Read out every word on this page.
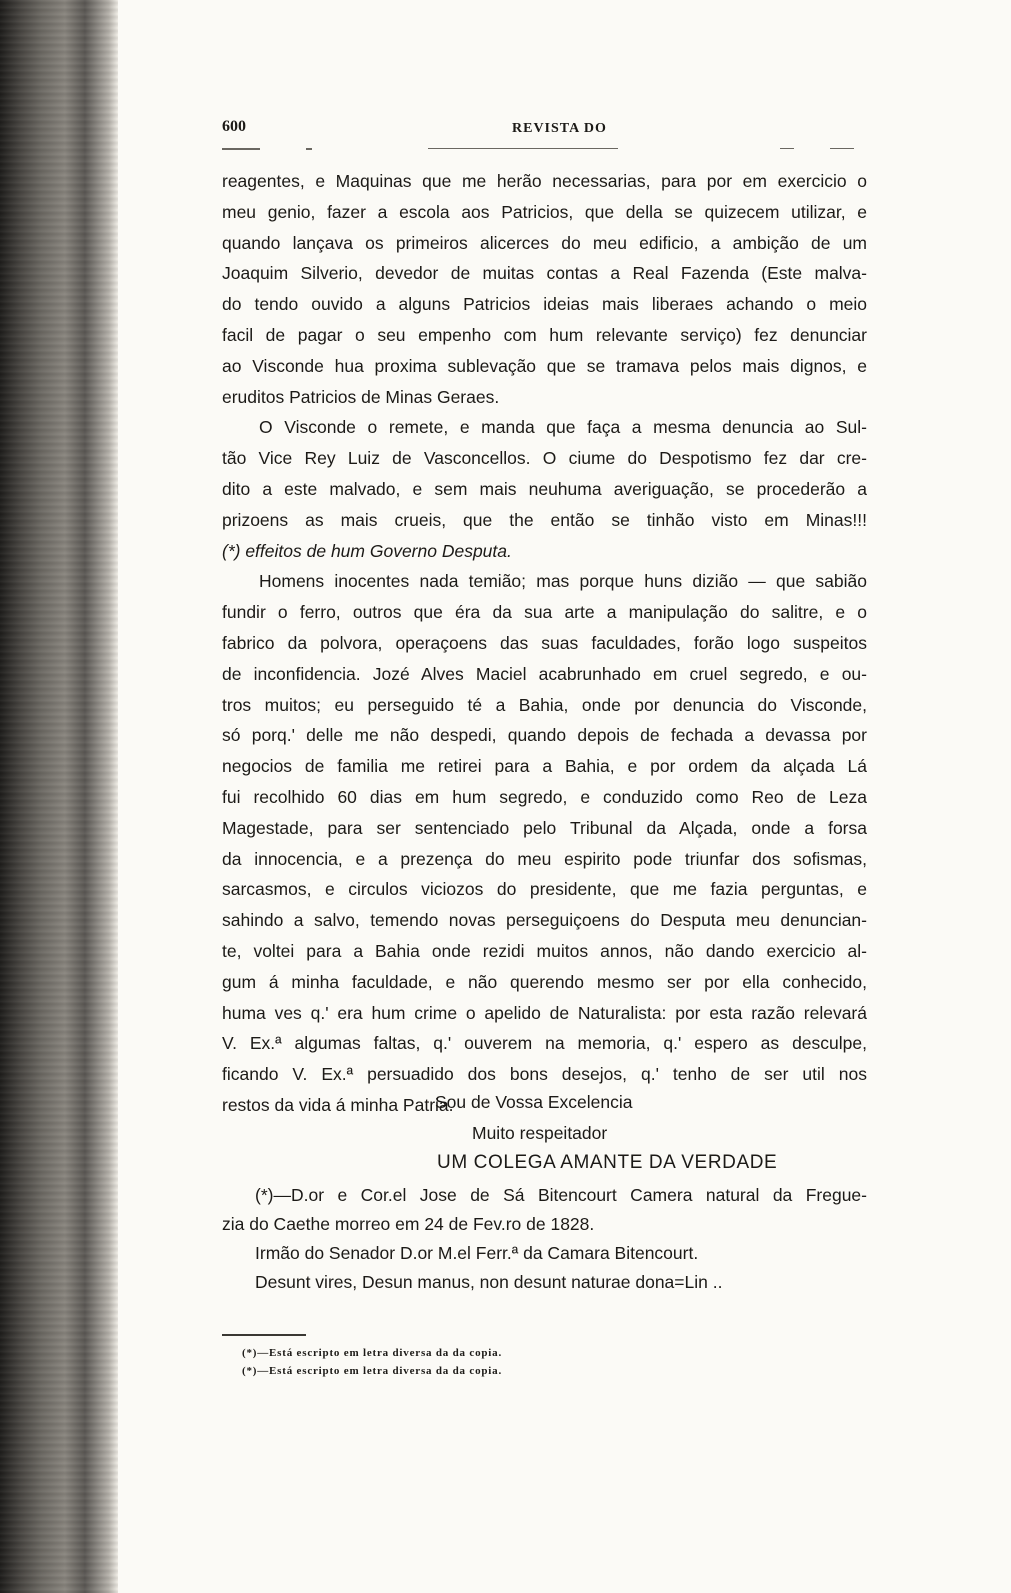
600	REVISTA DO
reagentes, e Maquinas que me herão necessarias, para por em exercicio o
meu genio, fazer a escola aos Patricios, que della se quizecem utilizar, e
quando lançava os primeiros alicerces do meu edificio, a ambição de um
Joaquim Silverio, devedor de muitas contas a Real Fazenda (Este malva-
do tendo ouvido a alguns Patricios ideias mais liberaes achando o meio
facil de pagar o seu empenho com hum relevante serviço) fez denunciar
ao Visconde hua proxima sublevação que se tramava pelos mais dignos, e
eruditos Patricios de Minas Geraes.
O Visconde o remete, e manda que faça a mesma denuncia ao Sul-
tão Vice Rey Luiz de Vasconcellos. O ciume do Despotismo fez dar cre-
dito a este malvado, e sem mais neuhuma averiguação, se procederão a
prizoens as mais crueis, que the então se tinhão visto em Minas!!!
(*) effeitos de hum Governo Desputa.
Homens inocentes nada temião; mas porque huns dizião — que sabião
fundir o ferro, outros que éra da sua arte a manipulação do salitre, e o
fabrico da polvora, operaçoens das suas faculdades, forão logo suspeitos
de inconfidencia. Jozé Alves Maciel acabrunhado em cruel segredo, e ou-
tros muitos; eu perseguido té a Bahia, onde por denuncia do Visconde,
só porq.' delle me não despedi, quando depois de fechada a devassa por
negocios de familia me retirei para a Bahia, e por ordem da alçada Lá
fui recolhido 60 dias em hum segredo, e conduzido como Reo de Leza
Magestade, para ser sentenciado pelo Tribunal da Alçada, onde a forsa
da innocencia, e a prezença do meu espirito pode triunfar dos sofismas,
sarcasmos, e circulos viciozos do presidente, que me fazia perguntas, e
sahindo a salvo, temendo novas perseguiçoens do Desputa meu denuncian-
te, voltei para a Bahia onde rezidi muitos annos, não dando exercicio al-
gum á minha faculdade, e não querendo mesmo ser por ella conhecido,
huma ves q.' era hum crime o apelido de Naturalista: por esta razão relevará
V. Ex.ª algumas faltas, q.' ouverem na memoria, q.' espero as desculpe,
ficando V. Ex.ª persuadido dos bons desejos, q.' tenho de ser util nos
restos da vida á minha Patria.
Sou de Vossa Excelencia
Muito respeitador
UM COLEGA AMANTE DA VERDADE
(*)—D.or e Cor.el Jose de Sá Bitencourt Camera natural da Fregue-
zia do Caethe morreo em 24 de Fev.ro de 1828.
Irmão do Senador D.or M.el Ferr.ª da Camara Bitencourt.
Desunt vires, Desun manus, non desunt naturae dona=Lin ..
(*)—Está escripto em letra diversa da da copia.
(*)—Está escripto em letra diversa da da copia.
